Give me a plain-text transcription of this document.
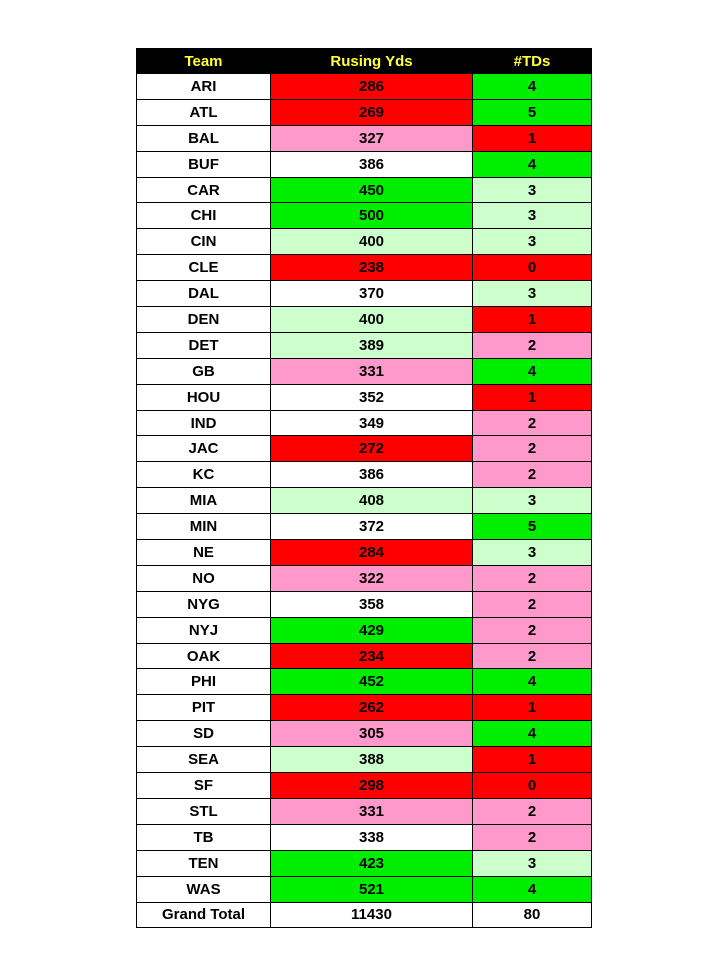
Team	Rusing Yds	#TDs
ARI	286	4
ATL	269	5
BAL	327	1
BUF	386	4
CAR	450	3
CHI	500	3
CIN	400	3
CLE	238	0
DAL	370	3
DEN	400	1
DET	389	2
GB	331	4
HOU	352	1
IND	349	2
JAC	272	2
KC	386	2
MIA	408	3
MIN	372	5
NE	284	3
NO	322	2
NYG	358	2
NYJ	429	2
OAK	234	2
PHI	452	4
PIT	262	1
SD	305	4
SEA	388	1
SF	298	0
STL	331	2
TB	338	2
TEN	423	3
WAS	521	4
Grand Total	11430	80
